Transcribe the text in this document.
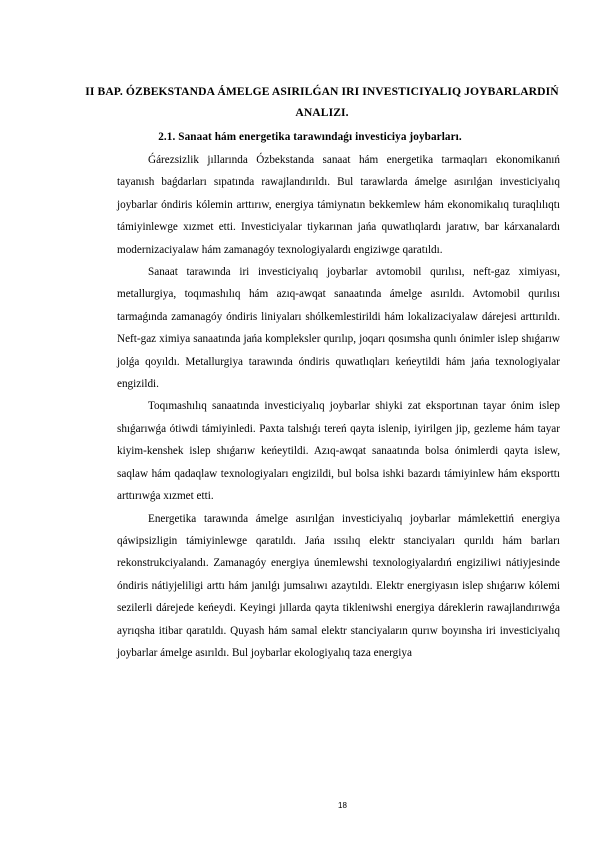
II BAP. ÓZBEKSTANDA ÁMELGE ASIRILǴAN IRI INVESTICIYALIQ JOYBARLARDIŃ ANALIZI.
2.1. Sanaat hám energetika tarawındaǵı investiciya joybarları.

Ǵárezsizlik jıllarında Ózbekstanda sanaat hám energetika tarmaqları ekonomikanıń tayanısh baǵdarları sıpatında rawajlandırıldı. Bul tarawlarda ámelge asırılǵan investiciyalıq joybarlar óndiris kólemin arttırıw, energiya támiynatın bekkemlew hám ekonomikalıq turaqlılıqtı támiyinlewge xızmet etti. Investiciyalar tiykarınan jańa quwatlıqlardı jaratıw, bar kárxanalardı modernizaciyalaw hám zamanagóy texnologiyalardı engiziwge qaratıldı.

Sanaat tarawında iri investiciyalıq joybarlar avtomobil qurılısı, neft-gaz ximiyası, metallurgiya, toqımashılıq hám azıq-awqat sanaatında ámelge asırıldı. Avtomobil qurılısı tarmaǵında zamanagóy óndiris liniyaları shólkemlestirildi hám lokalizaciyalaw dárejesi arttırıldı. Neft-gaz ximiya sanaatında jańa kompleksler qurılıp, joqarı qosımsha qunlı ónimler islep shıǵarıw jolǵa qoyıldı. Metallurgiya tarawında óndiris quwatlıqları keńeytildi hám jańa texnologiyalar engizildi.

Toqımashılıq sanaatında investiciyalıq joybarlar shiyki zat eksportınan tayar ónim islep shıǵarıwǵa ótiwdi támiyinledi. Paxta talshıǵı tereń qayta islenip, iyirilgen jip, gezleme hám tayar kiyim-kenshek islep shıǵarıw keńeytildi. Azıq-awqat sanaatında bolsa ónimlerdi qayta islew, saqlaw hám qadaqlaw texnologiyaları engizildi, bul bolsa ishki bazardı támiyinlew hám eksporttı arttırıwǵa xızmet etti.

Energetika tarawında ámelge asırılǵan investiciyalıq joybarlar mámlekettiń energiya qáwipsizligin támiyinlewge qaratıldı. Jańa ıssılıq elektr stanciyaları qurıldı hám barları rekonstrukciyalandı. Zamanagóy energiya únemlewshi texnologiyalardıń engiziliwi nátiyjesinde óndiris nátiyjeliligi arttı hám janılǵı jumsalıwı azaytıldı. Elektr energiyasın islep shıǵarıw kólemi sezilerli dárejede keńeydi. Keyingi jıllarda qayta tikleniwshi energiya dáreklerin rawajlandırıwǵa ayrıqsha itibar qaratıldı. Quyash hám samal elektr stanciyaların qurıw boyınsha iri investiciyalıq joybarlar ámelge asırıldı. Bul joybarlar ekologiyalıq taza energiya

18
